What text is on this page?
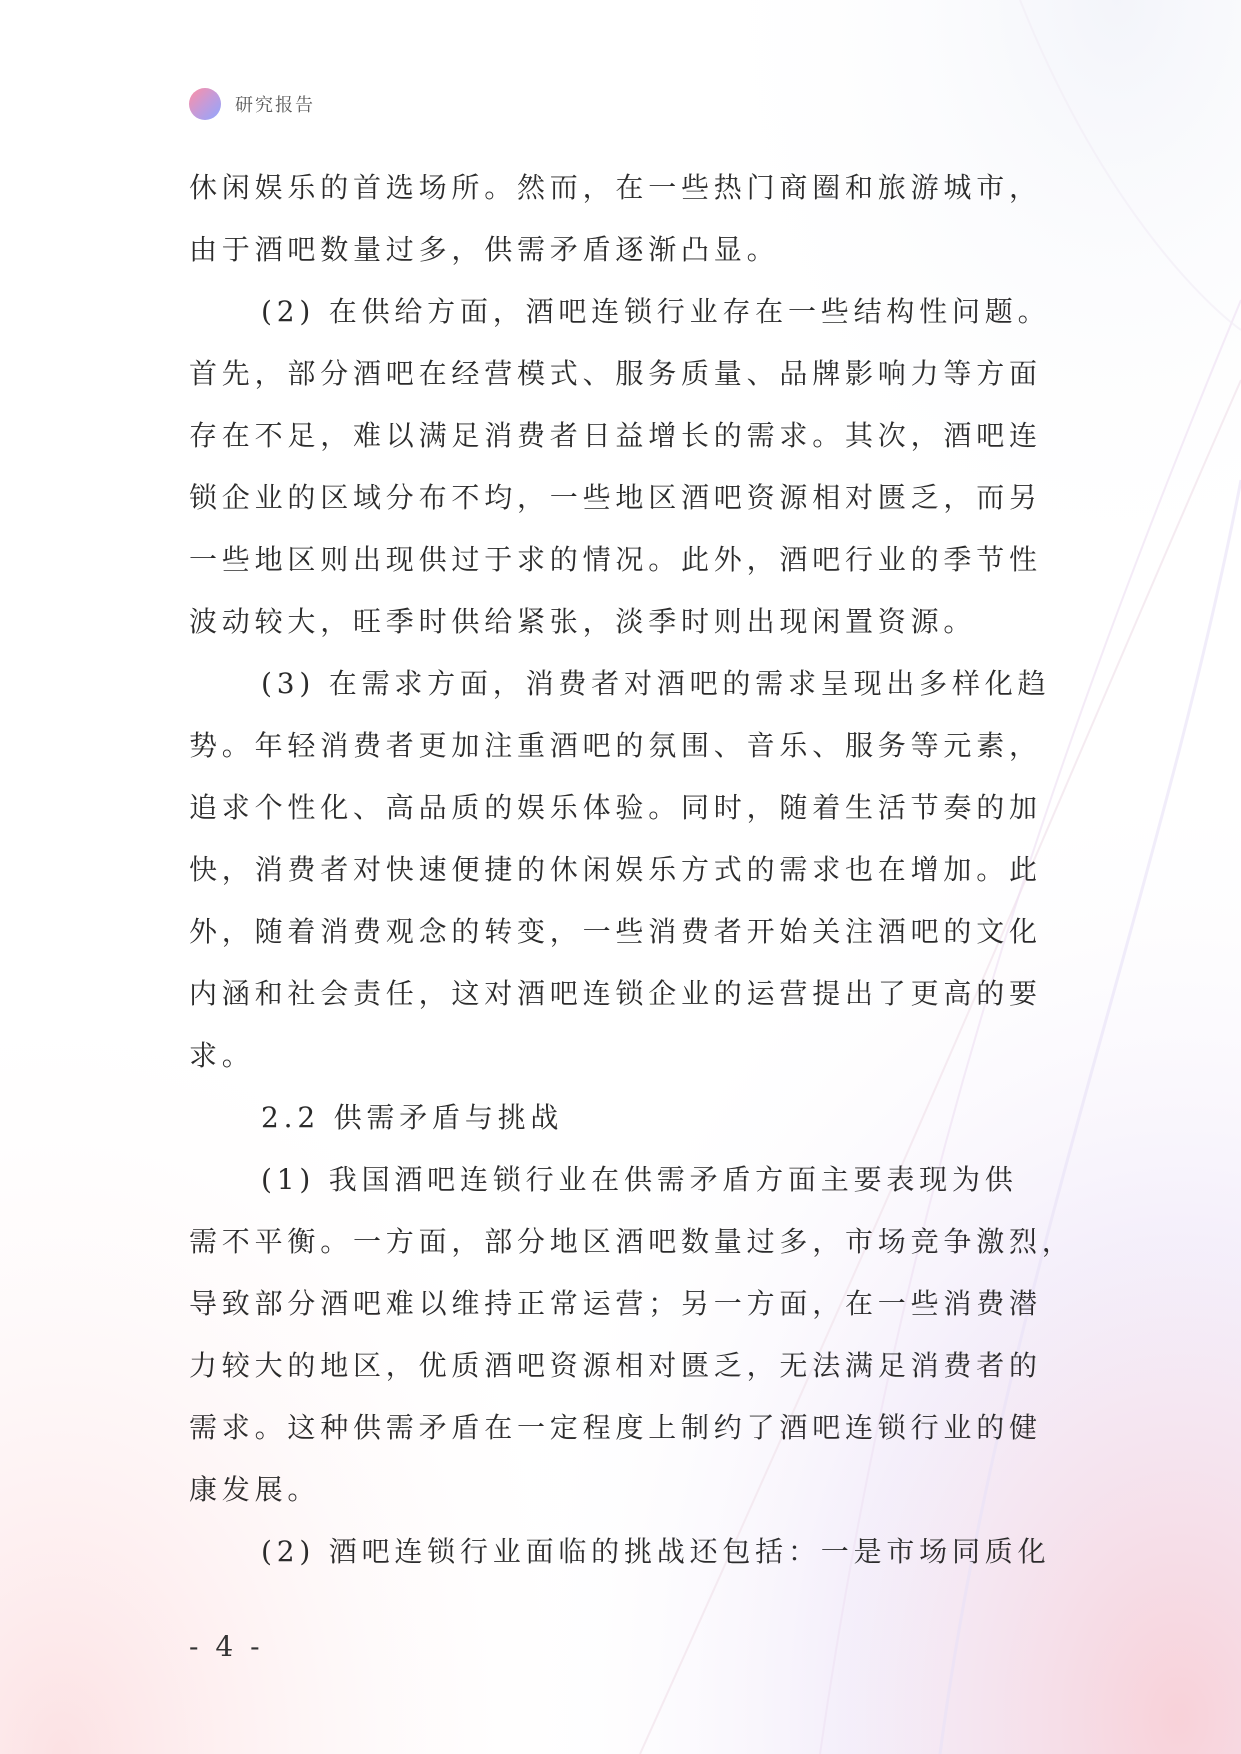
研究报告
休闲娱乐的首选场所。然而，在一些热门商圈和旅游城市，
由于酒吧数量过多，供需矛盾逐渐凸显。
(2) 在供给方面，酒吧连锁行业存在一些结构性问题。
首先，部分酒吧在经营模式、服务质量、品牌影响力等方面
存在不足，难以满足消费者日益增长的需求。其次，酒吧连
锁企业的区域分布不均，一些地区酒吧资源相对匮乏，而另
一些地区则出现供过于求的情况。此外，酒吧行业的季节性
波动较大，旺季时供给紧张，淡季时则出现闲置资源。
(3) 在需求方面，消费者对酒吧的需求呈现出多样化趋
势。年轻消费者更加注重酒吧的氛围、音乐、服务等元素，
追求个性化、高品质的娱乐体验。同时，随着生活节奏的加
快，消费者对快速便捷的休闲娱乐方式的需求也在增加。此
外，随着消费观念的转变，一些消费者开始关注酒吧的文化
内涵和社会责任，这对酒吧连锁企业的运营提出了更高的要
求。
2.2 供需矛盾与挑战
(1) 我国酒吧连锁行业在供需矛盾方面主要表现为供
需不平衡。一方面，部分地区酒吧数量过多，市场竞争激烈，
导致部分酒吧难以维持正常运营；另一方面，在一些消费潜
力较大的地区，优质酒吧资源相对匮乏，无法满足消费者的
需求。这种供需矛盾在一定程度上制约了酒吧连锁行业的健
康发展。
(2) 酒吧连锁行业面临的挑战还包括：一是市场同质化
- 4 -
